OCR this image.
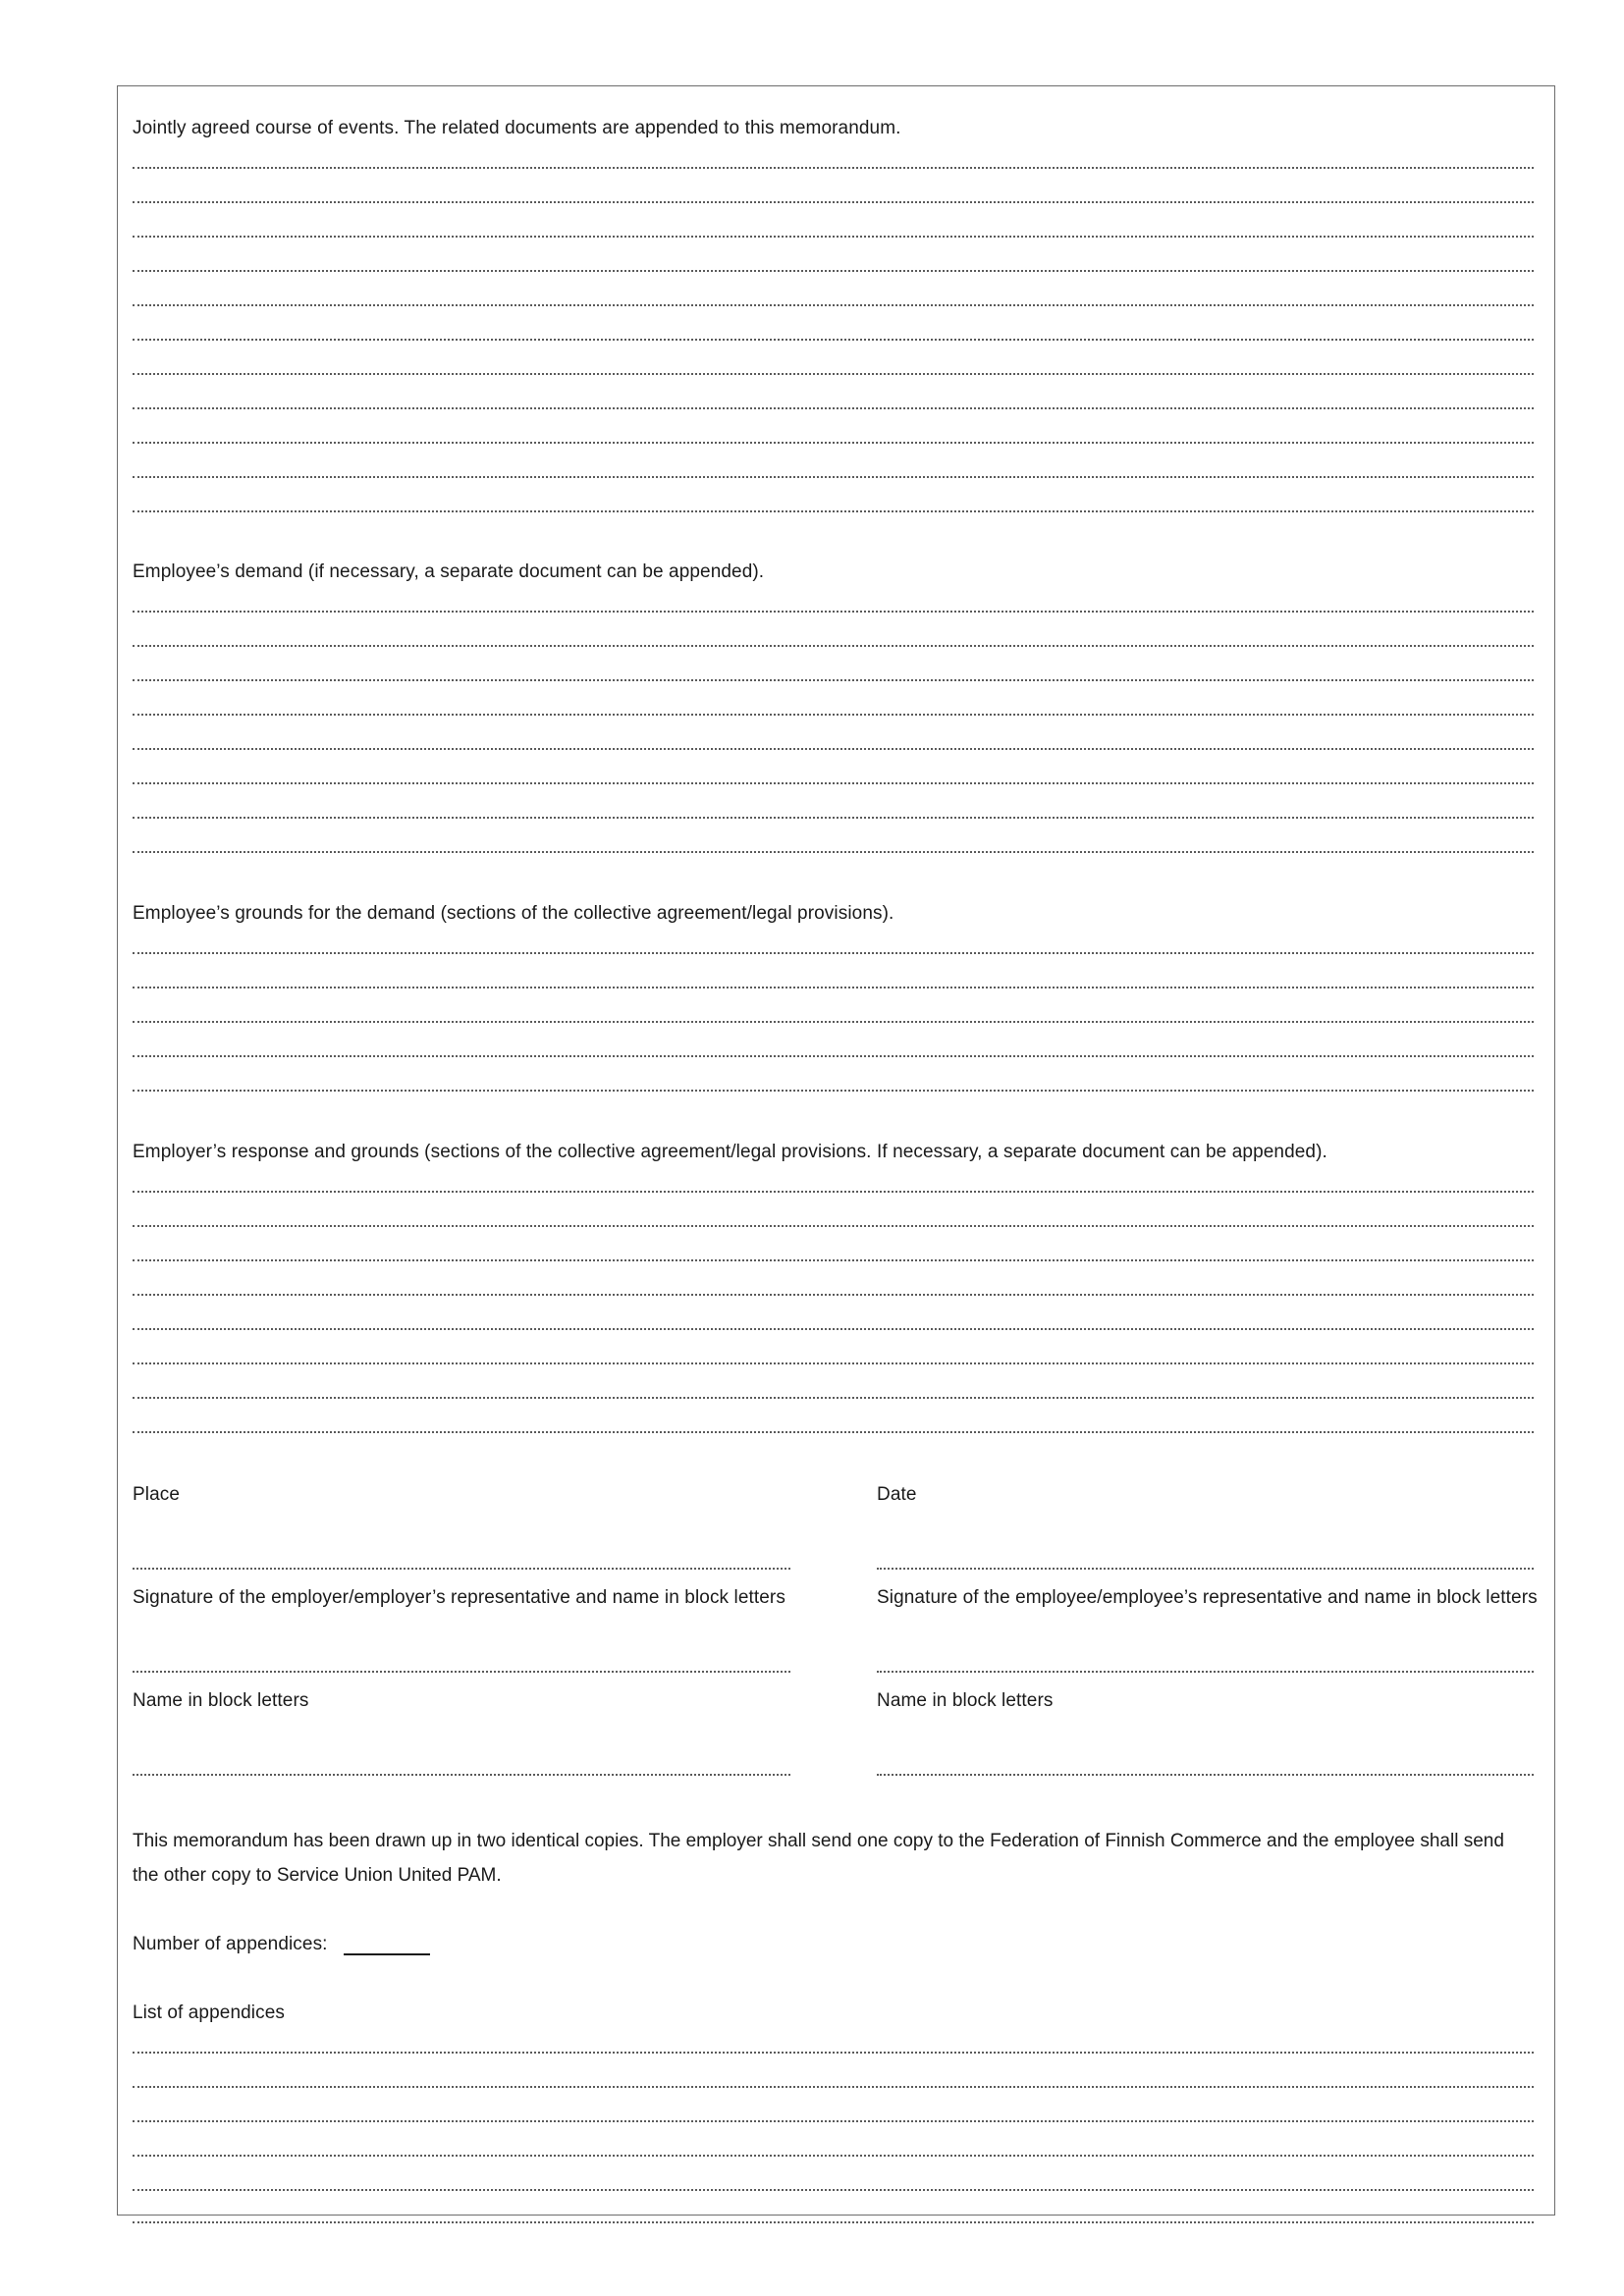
Jointly agreed course of events. The related documents are appended to this memorandum.
Employee’s demand (if necessary, a separate document can be appended).
Employee’s grounds for the demand (sections of the collective agreement/legal provisions).
Employer’s response and grounds (sections of the collective agreement/legal provisions. If necessary, a separate document can be appended).
Place	Date
Signature of the employer/employer’s representative and name in block letters	Signature of the employee/employee’s representative and name in block letters
Name in block letters	Name in block letters
This memorandum has been drawn up in two identical copies. The employer shall send one copy to the Federation of Finnish Commerce and the employee shall send the other copy to Service Union United PAM.
Number of appendices:
List of appendices
